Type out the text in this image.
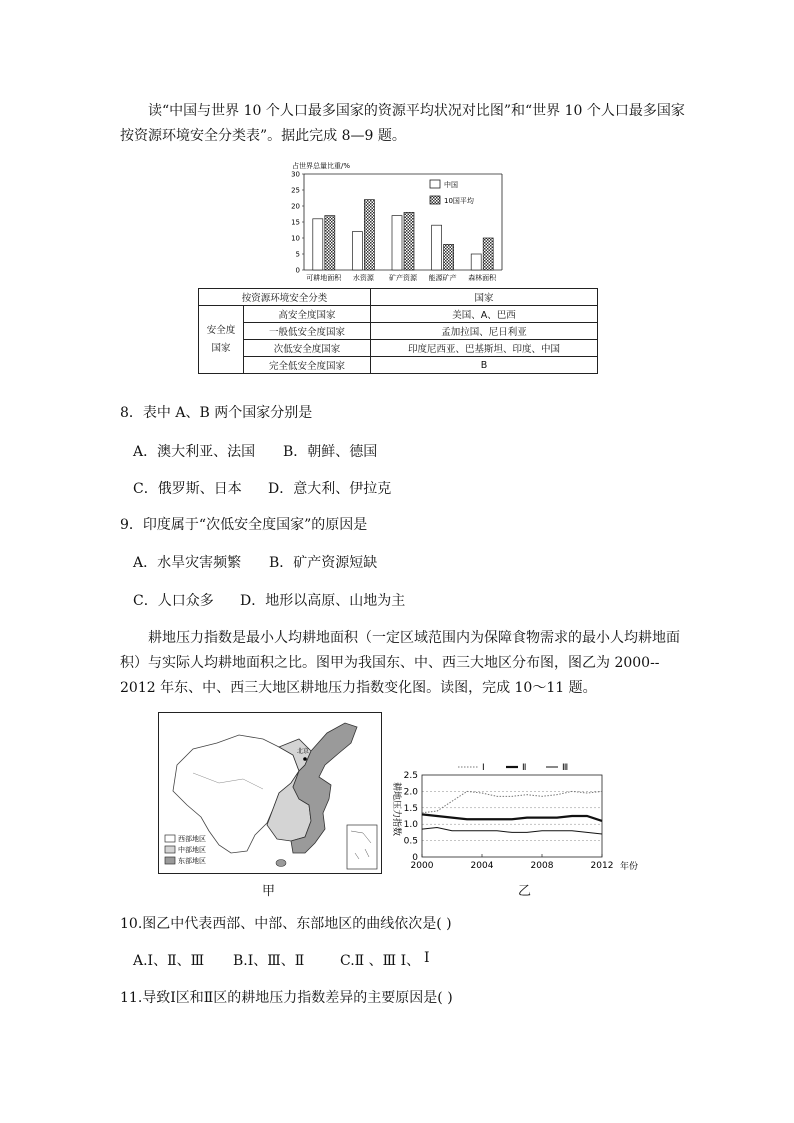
读“中国与世界 10 个人口最多国家的资源平均状况对比图”和“世界 10 个人口最多国家
按资源环境安全分类表”。据此完成 8—9 题。
占世界总量比重/%
0
5
10
15
20
25
30
可耕地面积 水资源 矿产资源 能源矿产 森林面积
中国
10国平均
按资源环境安全分类		国家
安全度
国家	高安全度国家	美国、A、巴西
	一般低安全度国家	孟加拉国、尼日利亚
	次低安全度国家	印度尼西亚、巴基斯坦、印度、中国
	完全低安全度国家	B
8．表中 A、B 两个国家分别是
A．澳大利亚、法国 B．朝鲜、德国
C．俄罗斯、日本 D．意大利、伊拉克
9．印度属于“次低安全度国家”的原因是
A．水旱灾害频繁 B．矿产资源短缺
C．人口众多 D．地形以高原、山地为主
耕地压力指数是最小人均耕地面积（一定区域范围内为保障食物需求的最小人均耕地面
积）与实际人均耕地面积之比。图甲为我国东、中、西三大地区分布图，图乙为 2000--
2012 年东、中、西三大地区耕地压力指数变化图。读图，完成 10～11 题。
北京
西部地区
中部地区
东部地区
甲
耕地压力指数
0
0.5
1.0
1.5
2.0
2.5
2000	2004	2008	2012
Ⅰ	Ⅱ	Ⅲ
年份
乙
10.图乙中代表西部、中部、东部地区的曲线依次是( )
A.Ⅰ、Ⅱ、Ⅲ B.Ⅰ、Ⅲ、Ⅱ	C.Ⅱ 、Ⅲ Ⅰ、 Ⅰ
11.导致Ⅰ区和Ⅱ区的耕地压力指数差异的主要原因是( )
